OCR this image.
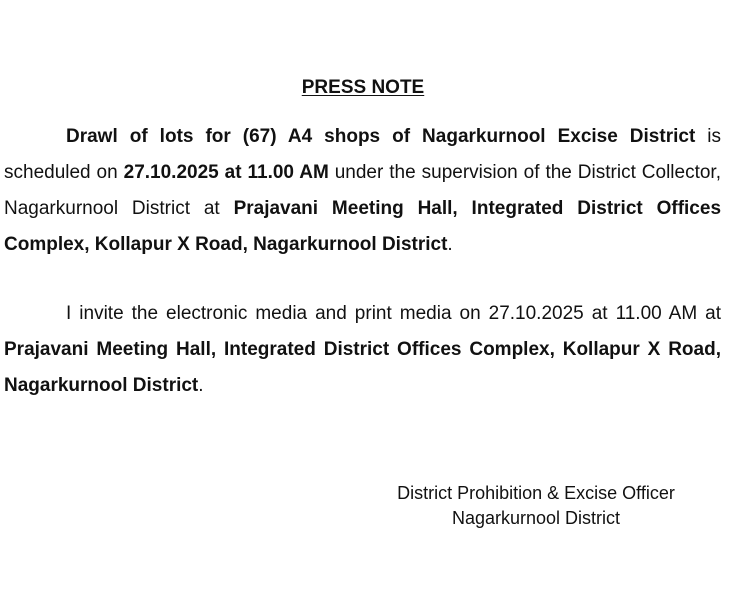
PRESS NOTE

Drawl of lots for (67) A4 shops of Nagarkurnool Excise District is scheduled on 27.10.2025 at 11.00 AM under the supervision of the District Collector, Nagarkurnool District at Prajavani Meeting Hall, Integrated District Offices Complex, Kollapur X Road, Nagarkurnool District.

I invite the electronic media and print media on 27.10.2025 at 11.00 AM at Prajavani Meeting Hall, Integrated District Offices Complex, Kollapur X Road, Nagarkurnool District.

District Prohibition & Excise Officer
Nagarkurnool District
